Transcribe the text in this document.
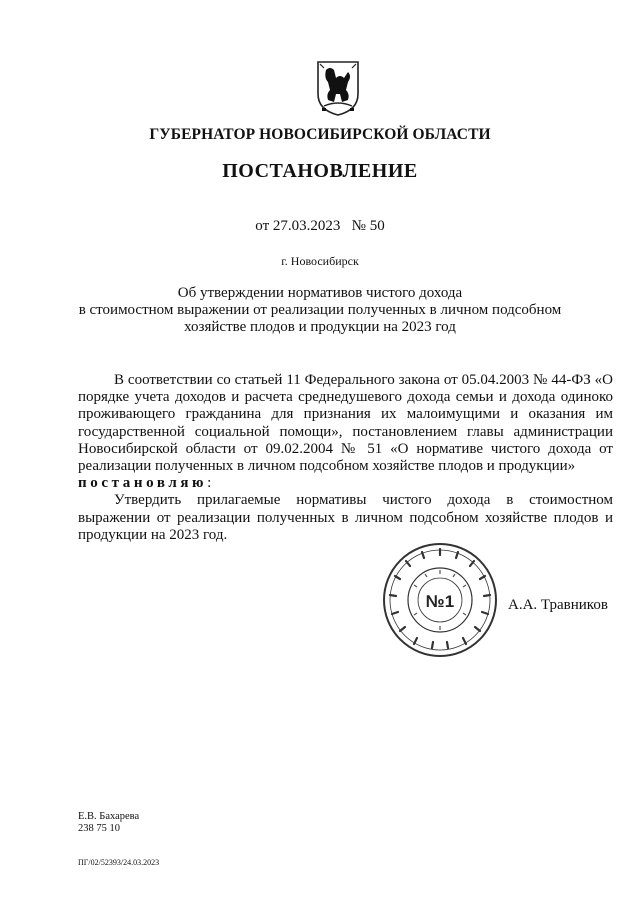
ГУБЕРНАТОР НОВОСИБИРСКОЙ ОБЛАСТИ
ПОСТАНОВЛЕНИЕ
от 27.03.2023 № 50
г. Новосибирск
Об утверждении нормативов чистого дохода
в стоимостном выражении от реализации полученных в личном подсобном
хозяйстве плодов и продукции на 2023 год

В соответствии со статьей 11 Федерального закона от 05.04.2003 № 44-ФЗ «О порядке учета доходов и расчета среднедушевого дохода семьи и дохода одиноко проживающего гражданина для признания их малоимущими и оказания им государственной социальной помощи», постановлением главы администрации Новосибирской области от 09.02.2004 № 51 «О нормативе чистого дохода от реализации полученных в личном подсобном хозяйстве плодов и продукции»
постановляю:

Утвердить прилагаемые нормативы чистого дохода в стоимостном выражении от реализации полученных в личном подсобном хозяйстве плодов и продукции на 2023 год.

№1	А.А. Травников
Е.В. Бахарева
238 75 10
ПГ/02/52393/24.03.2023
